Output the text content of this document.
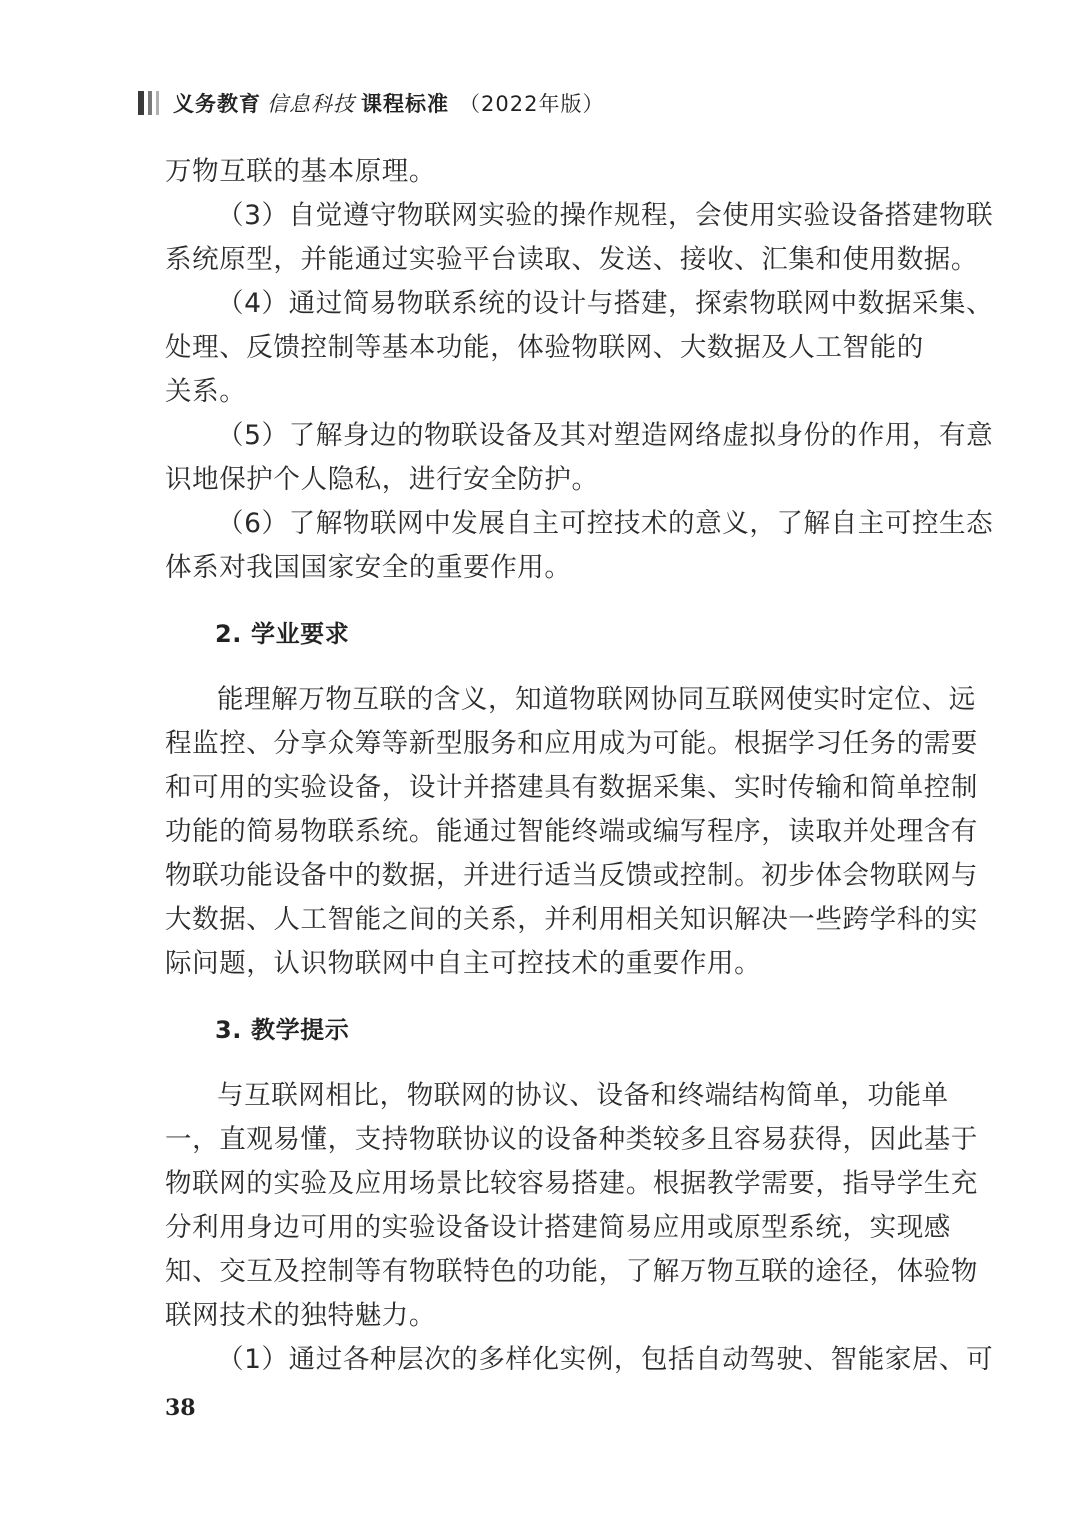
义务教育 信息科技 课程标准 （2022年版）
万物互联的基本原理。
（3）自觉遵守物联网实验的操作规程，会使用实验设备搭建物联
系统原型，并能通过实验平台读取、发送、接收、汇集和使用数据。
（4）通过简易物联系统的设计与搭建，探索物联网中数据采集、
处理、反馈控制等基本功能，体验物联网、大数据及人工智能的
关系。
（5）了解身边的物联设备及其对塑造网络虚拟身份的作用，有意
识地保护个人隐私，进行安全防护。
（6）了解物联网中发展自主可控技术的意义，了解自主可控生态
体系对我国国家安全的重要作用。
2. 学业要求
能理解万物互联的含义，知道物联网协同互联网使实时定位、远
程监控、分享众筹等新型服务和应用成为可能。根据学习任务的需要
和可用的实验设备，设计并搭建具有数据采集、实时传输和简单控制
功能的简易物联系统。能通过智能终端或编写程序，读取并处理含有
物联功能设备中的数据，并进行适当反馈或控制。初步体会物联网与
大数据、人工智能之间的关系，并利用相关知识解决一些跨学科的实
际问题，认识物联网中自主可控技术的重要作用。
3. 教学提示
与互联网相比，物联网的协议、设备和终端结构简单，功能单
一，直观易懂，支持物联协议的设备种类较多且容易获得，因此基于
物联网的实验及应用场景比较容易搭建。根据教学需要，指导学生充
分利用身边可用的实验设备设计搭建简易应用或原型系统，实现感
知、交互及控制等有物联特色的功能，了解万物互联的途径，体验物
联网技术的独特魅力。
（1）通过各种层次的多样化实例，包括自动驾驶、智能家居、可
38
